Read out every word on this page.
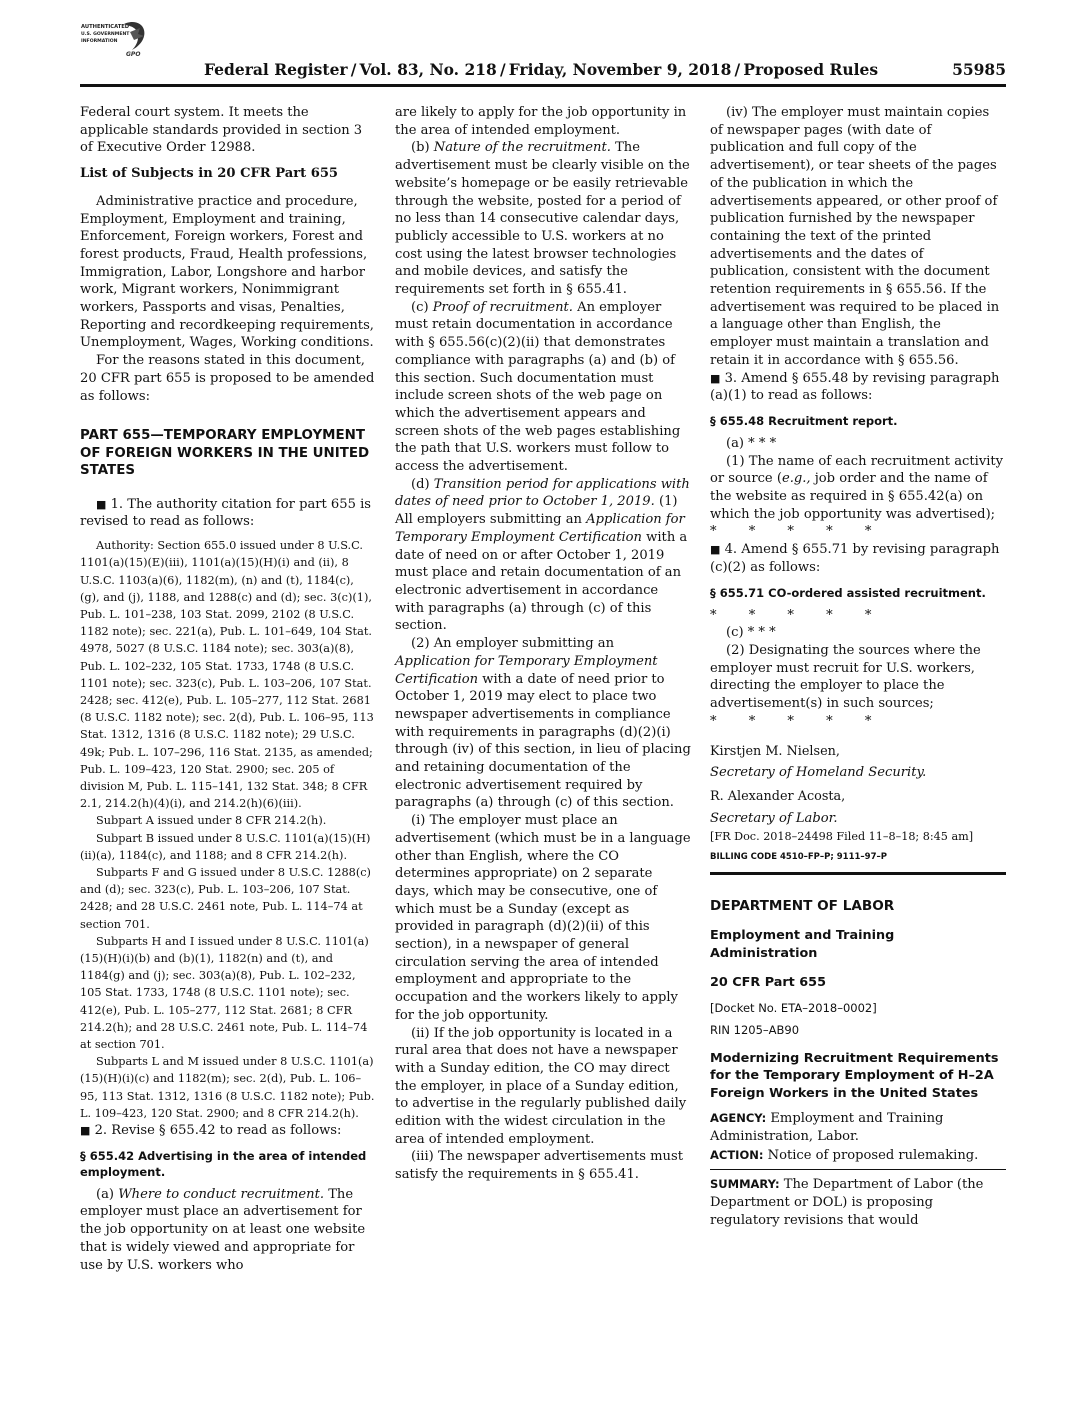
AUTHENTICATED
U.S. GOVERNMENT
INFORMATION
GPO
Federal Register / Vol. 83, No. 218 / Friday, November 9, 2018 / Proposed Rules	55985

Federal court system. It meets the applicable standards provided in section 3 of Executive Order 12988.

List of Subjects in 20 CFR Part 655

Administrative practice and procedure, Employment, Employment and training, Enforcement, Foreign workers, Forest and forest products, Fraud, Health professions, Immigration, Labor, Longshore and harbor work, Migrant workers, Nonimmigrant workers, Passports and visas, Penalties, Reporting and recordkeeping requirements, Unemployment, Wages, Working conditions.

For the reasons stated in this document, 20 CFR part 655 is proposed to be amended as follows:

PART 655—TEMPORARY EMPLOYMENT OF FOREIGN WORKERS IN THE UNITED STATES

■ 1. The authority citation for part 655 is revised to read as follows:

Authority: Section 655.0 issued under 8 U.S.C. 1101(a)(15)(E)(iii), 1101(a)(15)(H)(i) and (ii), 8 U.S.C. 1103(a)(6), 1182(m), (n) and (t), 1184(c), (g), and (j), 1188, and 1288(c) and (d); sec. 3(c)(1), Pub. L. 101–238, 103 Stat. 2099, 2102 (8 U.S.C. 1182 note); sec. 221(a), Pub. L. 101–649, 104 Stat. 4978, 5027 (8 U.S.C. 1184 note); sec. 303(a)(8), Pub. L. 102–232, 105 Stat. 1733, 1748 (8 U.S.C. 1101 note); sec. 323(c), Pub. L. 103–206, 107 Stat. 2428; sec. 412(e), Pub. L. 105–277, 112 Stat. 2681 (8 U.S.C. 1182 note); sec. 2(d), Pub. L. 106–95, 113 Stat. 1312, 1316 (8 U.S.C. 1182 note); 29 U.S.C. 49k; Pub. L. 107–296, 116 Stat. 2135, as amended; Pub. L. 109–423, 120 Stat. 2900; sec. 205 of division M, Pub. L. 115–141, 132 Stat. 348; 8 CFR 2.1, 214.2(h)(4)(i), and 214.2(h)(6)(iii).

Subpart A issued under 8 CFR 214.2(h).

Subpart B issued under 8 U.S.C. 1101(a)(15)(H)(ii)(a), 1184(c), and 1188; and 8 CFR 214.2(h).

Subparts F and G issued under 8 U.S.C. 1288(c) and (d); sec. 323(c), Pub. L. 103–206, 107 Stat. 2428; and 28 U.S.C. 2461 note, Pub. L. 114–74 at section 701.

Subparts H and I issued under 8 U.S.C. 1101(a)(15)(H)(i)(b) and (b)(1), 1182(n) and (t), and 1184(g) and (j); sec. 303(a)(8), Pub. L. 102–232, 105 Stat. 1733, 1748 (8 U.S.C. 1101 note); sec. 412(e), Pub. L. 105–277, 112 Stat. 2681; 8 CFR 214.2(h); and 28 U.S.C. 2461 note, Pub. L. 114–74 at section 701.

Subparts L and M issued under 8 U.S.C. 1101(a)(15)(H)(i)(c) and 1182(m); sec. 2(d), Pub. L. 106–95, 113 Stat. 1312, 1316 (8 U.S.C. 1182 note); Pub. L. 109–423, 120 Stat. 2900; and 8 CFR 214.2(h).

■ 2. Revise § 655.42 to read as follows:

§ 655.42 Advertising in the area of intended employment.

(a) Where to conduct recruitment. The employer must place an advertisement for the job opportunity on at least one website that is widely viewed and appropriate for use by U.S. workers who

are likely to apply for the job opportunity in the area of intended employment.

(b) Nature of the recruitment. The advertisement must be clearly visible on the website’s homepage or be easily retrievable through the website, posted for a period of no less than 14 consecutive calendar days, publicly accessible to U.S. workers at no cost using the latest browser technologies and mobile devices, and satisfy the requirements set forth in § 655.41.

(c) Proof of recruitment. An employer must retain documentation in accordance with § 655.56(c)(2)(ii) that demonstrates compliance with paragraphs (a) and (b) of this section. Such documentation must include screen shots of the web page on which the advertisement appears and screen shots of the web pages establishing the path that U.S. workers must follow to access the advertisement.

(d) Transition period for applications with dates of need prior to October 1, 2019. (1) All employers submitting an Application for Temporary Employment Certification with a date of need on or after October 1, 2019 must place and retain documentation of an electronic advertisement in accordance with paragraphs (a) through (c) of this section.

(2) An employer submitting an Application for Temporary Employment Certification with a date of need prior to October 1, 2019 may elect to place two newspaper advertisements in compliance with requirements in paragraphs (d)(2)(i) through (iv) of this section, in lieu of placing and retaining documentation of the electronic advertisement required by paragraphs (a) through (c) of this section.

(i) The employer must place an advertisement (which must be in a language other than English, where the CO determines appropriate) on 2 separate days, which may be consecutive, one of which must be a Sunday (except as provided in paragraph (d)(2)(ii) of this section), in a newspaper of general circulation serving the area of intended employment and appropriate to the occupation and the workers likely to apply for the job opportunity.

(ii) If the job opportunity is located in a rural area that does not have a newspaper with a Sunday edition, the CO may direct the employer, in place of a Sunday edition, to advertise in the regularly published daily edition with the widest circulation in the area of intended employment.

(iii) The newspaper advertisements must satisfy the requirements in § 655.41.

(iv) The employer must maintain copies of newspaper pages (with date of publication and full copy of the advertisement), or tear sheets of the pages of the publication in which the advertisements appeared, or other proof of publication furnished by the newspaper containing the text of the printed advertisements and the dates of publication, consistent with the document retention requirements in § 655.56. If the advertisement was required to be placed in a language other than English, the employer must maintain a translation and retain it in accordance with § 655.56.

■ 3. Amend § 655.48 by revising paragraph (a)(1) to read as follows:

§ 655.48 Recruitment report.

(a) * * *

(1) The name of each recruitment activity or source (e.g., job order and the name of the website as required in § 655.42(a) on which the job opportunity was advertised);

* * * * *

■ 4. Amend § 655.71 by revising paragraph (c)(2) as follows:

§ 655.71 CO-ordered assisted recruitment.

* * * * *

(c) * * *

(2) Designating the sources where the employer must recruit for U.S. workers, directing the employer to place the advertisement(s) in such sources;

* * * * *

Kirstjen M. Nielsen,

Secretary of Homeland Security.

R. Alexander Acosta,

Secretary of Labor.

[FR Doc. 2018–24498 Filed 11–8–18; 8:45 am]

BILLING CODE 4510–FP–P; 9111–97–P

DEPARTMENT OF LABOR

Employment and Training Administration

20 CFR Part 655

[Docket No. ETA–2018–0002]

RIN 1205–AB90

Modernizing Recruitment Requirements for the Temporary Employment of H–2A Foreign Workers in the United States

AGENCY: Employment and Training Administration, Labor.

ACTION: Notice of proposed rulemaking.

SUMMARY: The Department of Labor (the Department or DOL) is proposing regulatory revisions that would
